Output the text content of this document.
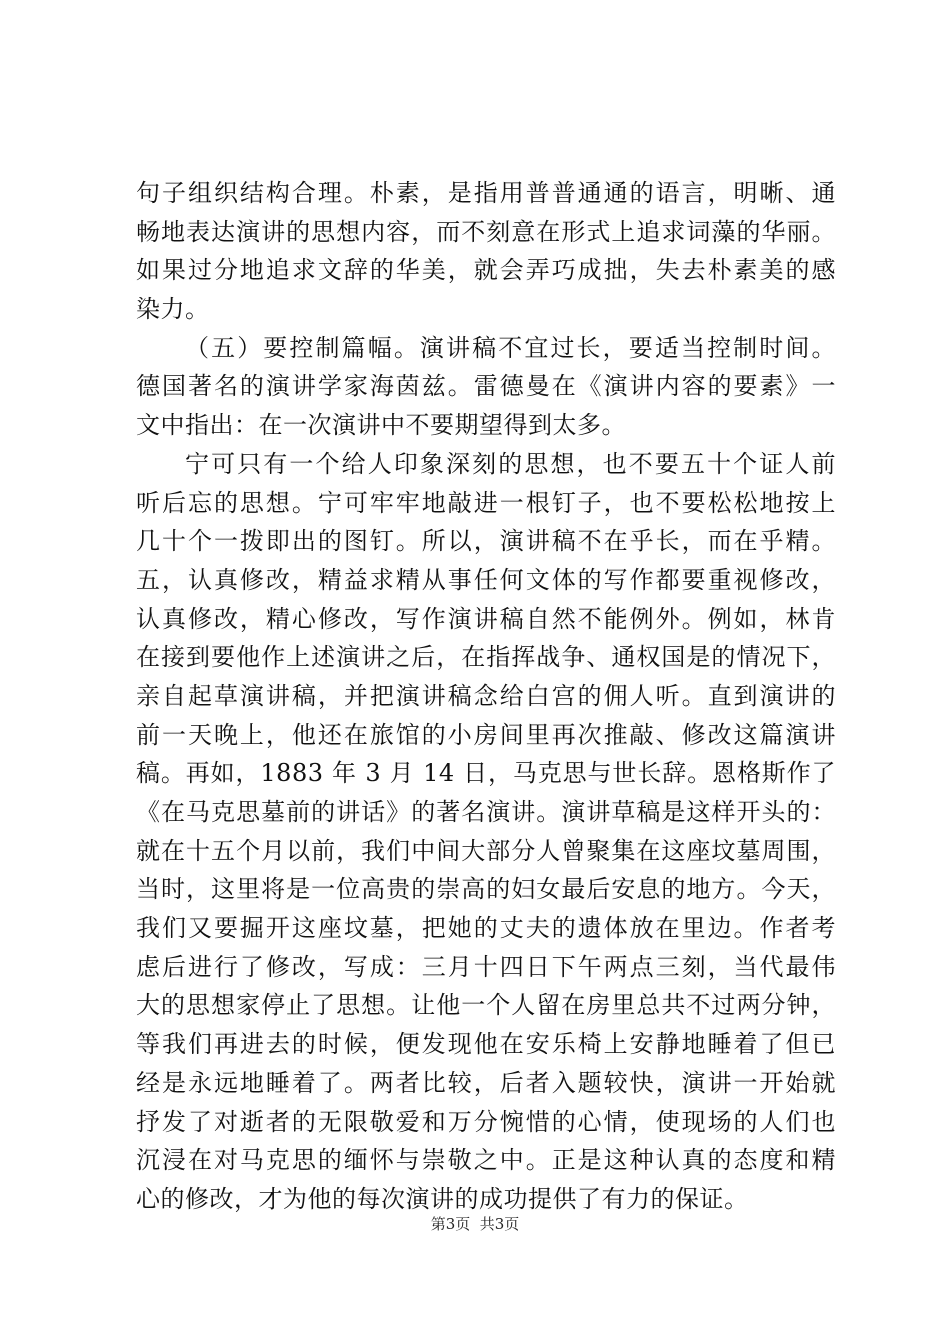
句子组织结构合理。朴素，是指用普普通通的语言，明晰、通
畅地表达演讲的思想内容，而不刻意在形式上追求词藻的华丽。
如果过分地追求文辞的华美，就会弄巧成拙，失去朴素美的感
染力。
（五）要控制篇幅。演讲稿不宜过长，要适当控制时间。
德国著名的演讲学家海茵兹。雷德曼在《演讲内容的要素》一
文中指出：在一次演讲中不要期望得到太多。
宁可只有一个给人印象深刻的思想，也不要五十个证人前
听后忘的思想。宁可牢牢地敲进一根钉子，也不要松松地按上
几十个一拨即出的图钉。所以，演讲稿不在乎长，而在乎精。
五，认真修改，精益求精从事任何文体的写作都要重视修改，
认真修改，精心修改，写作演讲稿自然不能例外。例如，林肯
在接到要他作上述演讲之后，在指挥战争、通权国是的情况下，
亲自起草演讲稿，并把演讲稿念给白宫的佣人听。直到演讲的
前一天晚上，他还在旅馆的小房间里再次推敲、修改这篇演讲
稿。再如，1883 年 3 月 14 日，马克思与世长辞。恩格斯作了
《在马克思墓前的讲话》的著名演讲。演讲草稿是这样开头的：
就在十五个月以前，我们中间大部分人曾聚集在这座坟墓周围，
当时，这里将是一位高贵的崇高的妇女最后安息的地方。今天，
我们又要掘开这座坟墓，把她的丈夫的遗体放在里边。作者考
虑后进行了修改，写成：三月十四日下午两点三刻，当代最伟
大的思想家停止了思想。让他一个人留在房里总共不过两分钟，
等我们再进去的时候，便发现他在安乐椅上安静地睡着了但已
经是永远地睡着了。两者比较，后者入题较快，演讲一开始就
抒发了对逝者的无限敬爱和万分惋惜的心情，使现场的人们也
沉浸在对马克思的缅怀与崇敬之中。正是这种认真的态度和精
心的修改，才为他的每次演讲的成功提供了有力的保证。
第3页  共3页
